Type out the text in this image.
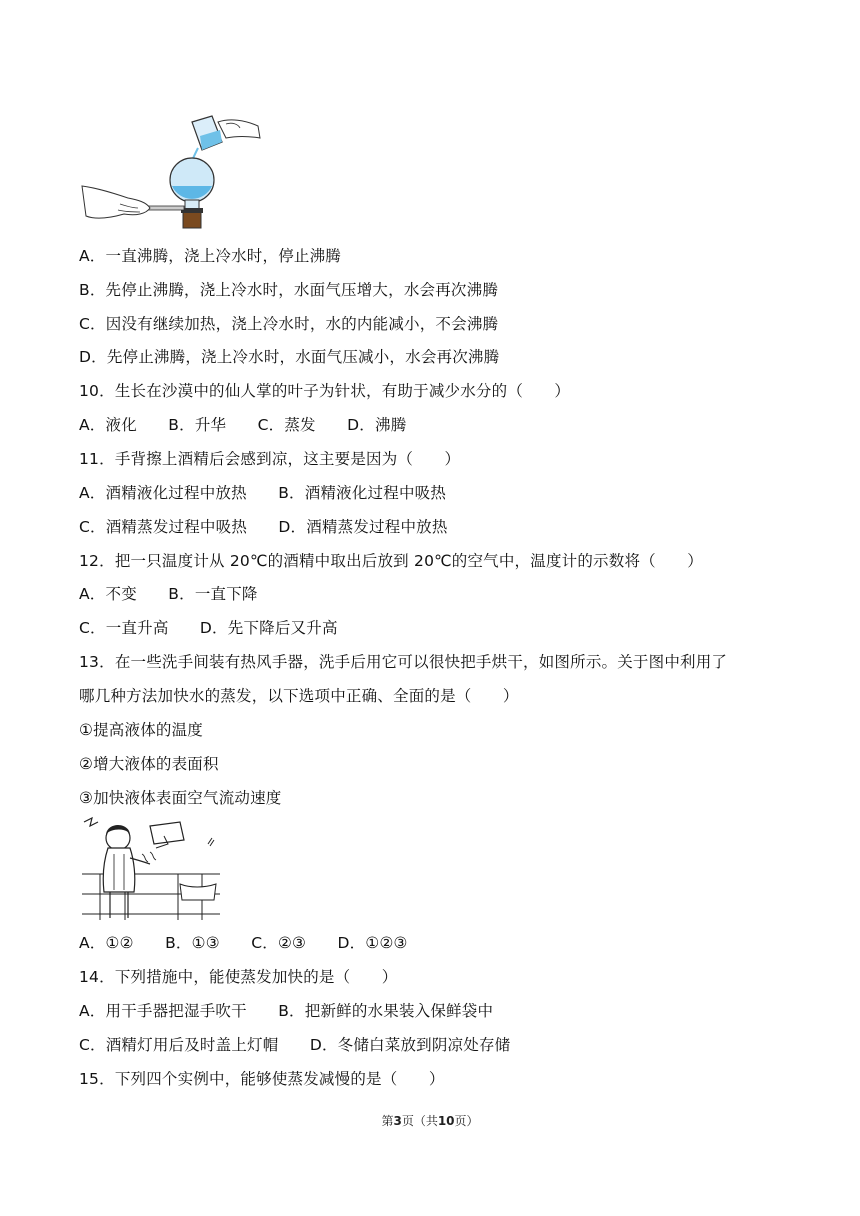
A．一直沸腾，浇上冷水时，停止沸腾
B．先停止沸腾，浇上冷水时，水面气压增大，水会再次沸腾
C．因没有继续加热，浇上冷水时，水的内能减小，不会沸腾
D．先停止沸腾，浇上冷水时，水面气压减小，水会再次沸腾
10．生长在沙漠中的仙人掌的叶子为针状，有助于减少水分的（　　）
A．液化　　B．升华　　C．蒸发　　D．沸腾
11．手背擦上酒精后会感到凉，这主要是因为（　　）
A．酒精液化过程中放热　　B．酒精液化过程中吸热
C．酒精蒸发过程中吸热　　D．酒精蒸发过程中放热
12．把一只温度计从 20℃的酒精中取出后放到 20℃的空气中，温度计的示数将（　　）
A．不变　　B．一直下降
C．一直升高　　D．先下降后又升高
13．在一些洗手间装有热风手器，洗手后用它可以很快把手烘干，如图所示。关于图中利用了
哪几种方法加快水的蒸发，以下选项中正确、全面的是（　　）
①提高液体的温度
②增大液体的表面积
③加快液体表面空气流动速度
A．①②　　B．①③　　C．②③　　D．①②③
14．下列措施中，能使蒸发加快的是（　　）
A．用干手器把湿手吹干　　B．把新鲜的水果装入保鲜袋中
C．酒精灯用后及时盖上灯帽　　D．冬储白菜放到阴凉处存储
15．下列四个实例中，能够使蒸发减慢的是（　　）
第3页（共10页）
